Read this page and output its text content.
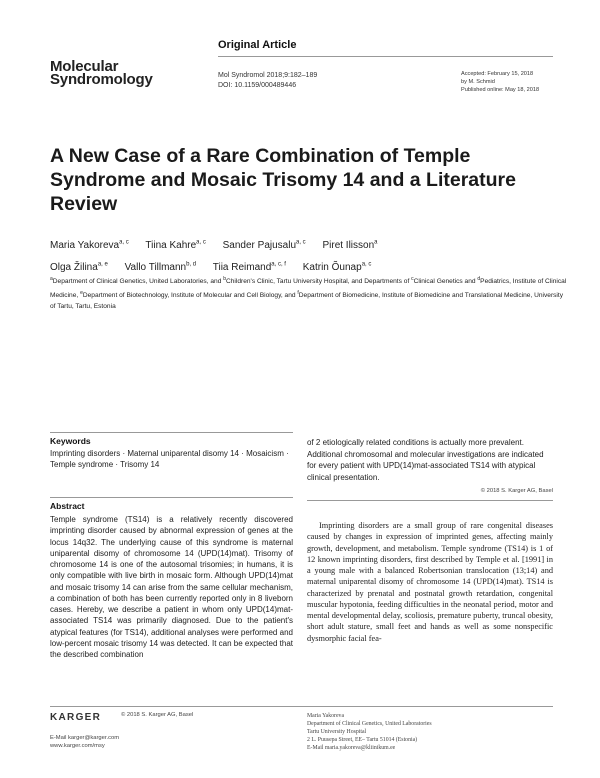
Molecular
Syndromology
Original Article
Mol Syndromol 2018;9:182–189
DOI: 10.1159/000489446
Accepted: February 15, 2018
by M. Schmid
Published online: May 18, 2018
A New Case of a Rare Combination of Temple Syndrome and Mosaic Trisomy 14 and a Literature Review
Maria Yakoreva$^{a, c}$ Tiina Kahre$^{a, c}$ Sander Pajusalu$^{a, c}$ Piret Ilisson$^a$
Olga Žilina$^{a, e}$ Vallo Tillmann$^{b, d}$ Tiia Reimand$^{a, c, f}$ Katrin Õunap$^{a, c}$
$^a$Department of Clinical Genetics, United Laboratories, and $^b$Children's Clinic, Tartu University Hospital, and Departments of $^c$Clinical Genetics and $^d$Pediatrics, Institute of Clinical Medicine, $^e$Department of Biotechnology, Institute of Molecular and Cell Biology, and $^f$Department of Biomedicine, Institute of Biomedicine and Translational Medicine, University of Tartu, Tartu, Estonia
Keywords
Imprinting disorders · Maternal uniparental disomy 14 · Mosaicism · Temple syndrome · Trisomy 14
of 2 etiologically related conditions is actually more prevalent. Additional chromosomal and molecular investigations are indicated for every patient with UPD(14)mat-associated TS14 with atypical clinical presentation.
© 2018 S. Karger AG, Basel
Abstract
Temple syndrome (TS14) is a relatively recently discovered imprinting disorder caused by abnormal expression of genes at the locus 14q32. The underlying cause of this syndrome is maternal uniparental disomy of chromosome 14 (UPD(14)mat). Trisomy of chromosome 14 is one of the autosomal trisomies; in humans, it is only compatible with live birth in mosaic form. Although UPD(14)mat and mosaic trisomy 14 can arise from the same cellular mechanism, a combination of both has been currently reported only in 8 liveborn cases. Hereby, we describe a patient in whom only UPD(14)mat-associated TS14 was primarily diagnosed. Due to the patient's atypical features (for TS14), additional analyses were performed and low-percent mosaic trisomy 14 was detected. It can be expected that the described combination

Imprinting disorders are a small group of rare congenital diseases caused by changes in expression of imprinted genes, affecting mainly growth, development, and metabolism. Temple syndrome (TS14) is 1 of 12 known imprinting disorders, first described by Temple et al. [1991] in a young male with a balanced Robertsonian translocation (13;14) and maternal uniparental disomy of chromosome 14 (UPD(14)mat). TS14 is characterized by prenatal and postnatal growth retardation, congenital muscular hypotonia, feeding difficulties in the neonatal period, motor and mental developmental delay, scoliosis, premature puberty, truncal obesity, short adult stature, small feet and hands as well as some nonspecific dysmorphic facial fea-

KARGER	© 2018 S. Karger AG, Basel
E-Mail karger@karger.com
www.karger.com/msy
Maria Yakoreva
Department of Clinical Genetics, United Laboratories
Tartu University Hospital
2 L. Puusepa Street, EE– Tartu 51014 (Estonia)
E-Mail maria.yakoreva@kliinikum.ee
